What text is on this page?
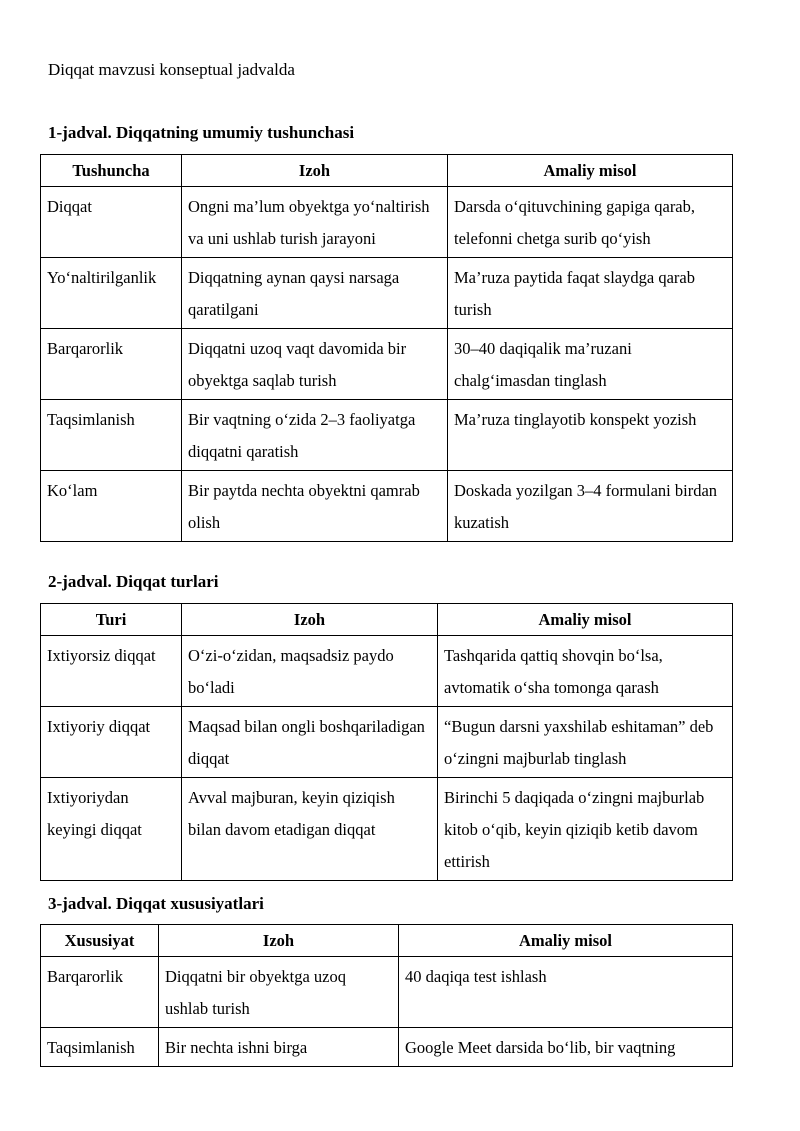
Diqqat mavzusi konseptual jadvalda
1-jadval. Diqqatning umumiy tushunchasi
Tushuncha	Izoh	Amaliy misol
Diqqat	Ongni ma’lum obyektga yo‘naltirish va uni ushlab turish jarayoni	Darsda o‘qituvchining gapiga qarab, telefonni chetga surib qo‘yish
Yo‘naltirilganlik	Diqqatning aynan qaysi narsaga qaratilgani	Ma’ruza paytida faqat slaydga qarab turish
Barqarorlik	Diqqatni uzoq vaqt davomida bir obyektga saqlab turish	30–40 daqiqalik ma’ruzani chalg‘imasdan tinglash
Taqsimlanish	Bir vaqtning o‘zida 2–3 faoliyatga diqqatni qaratish	Ma’ruza tinglayotib konspekt yozish
Ko‘lam	Bir paytda nechta obyektni qamrab olish	Doskada yozilgan 3–4 formulani birdan kuzatish
2-jadval. Diqqat turlari
Turi	Izoh	Amaliy misol
Ixtiyorsiz diqqat	O‘zi-o‘zidan, maqsadsiz paydo bo‘ladi	Tashqarida qattiq shovqin bo‘lsa, avtomatik o‘sha tomonga qarash
Ixtiyoriy diqqat	Maqsad bilan ongli boshqariladigan diqqat	“Bugun darsni yaxshilab eshitaman” deb o‘zingni majburlab tinglash
Ixtiyoriydan keyingi diqqat	Avval majburan, keyin qiziqish bilan davom etadigan diqqat	Birinchi 5 daqiqada o‘zingni majburlab kitob o‘qib, keyin qiziqib ketib davom ettirish
3-jadval. Diqqat xususiyatlari
Xususiyat	Izoh	Amaliy misol
Barqarorlik	Diqqatni bir obyektga uzoq ushlab turish	40 daqiqa test ishlash
Taqsimlanish	Bir nechta ishni birga	Google Meet darsida bo‘lib, bir vaqtning
